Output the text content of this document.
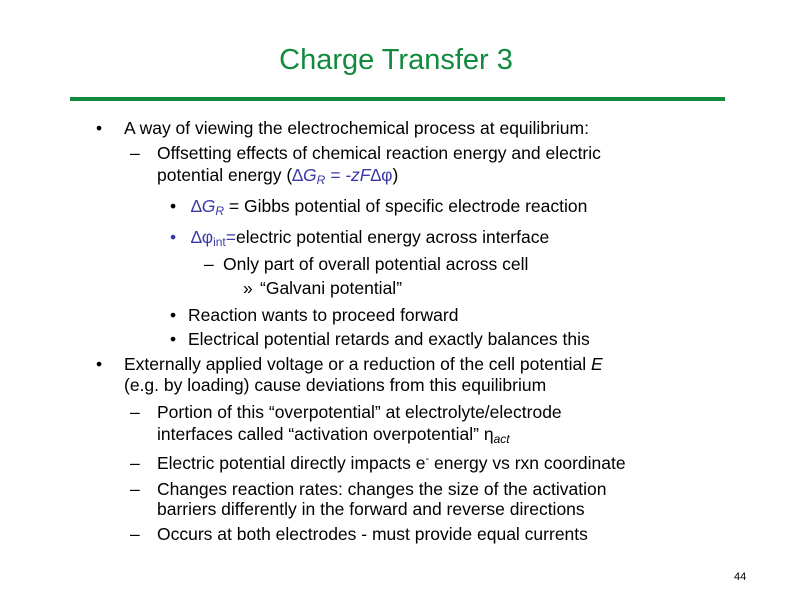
Charge Transfer 3
• A way of viewing the electrochemical process at equilibrium:
– Offsetting effects of chemical reaction energy and electric
potential energy $(\Delta G_R = -zF\Delta\varphi)$
• $\Delta G_R$ = Gibbs potential of specific electrode reaction
• $\Delta\varphi_{int}=electric$ potential energy across interface
– Only part of overall potential across cell
» “Galvani potential”
• Reaction wants to proceed forward
• Electrical potential retards and exactly balances this
• Externally applied voltage or a reduction of the cell potential E
(e.g. by loading) cause deviations from this equilibrium
– Portion of this “overpotential” at electrolyte/electrode
interfaces called “activation overpotential” $\eta_{act}$
– Electric potential directly impacts e- energy vs rxn coordinate
– Changes reaction rates: changes the size of the activation
barriers differently in the forward and reverse directions
– Occurs at both electrodes - must provide equal currents
44
